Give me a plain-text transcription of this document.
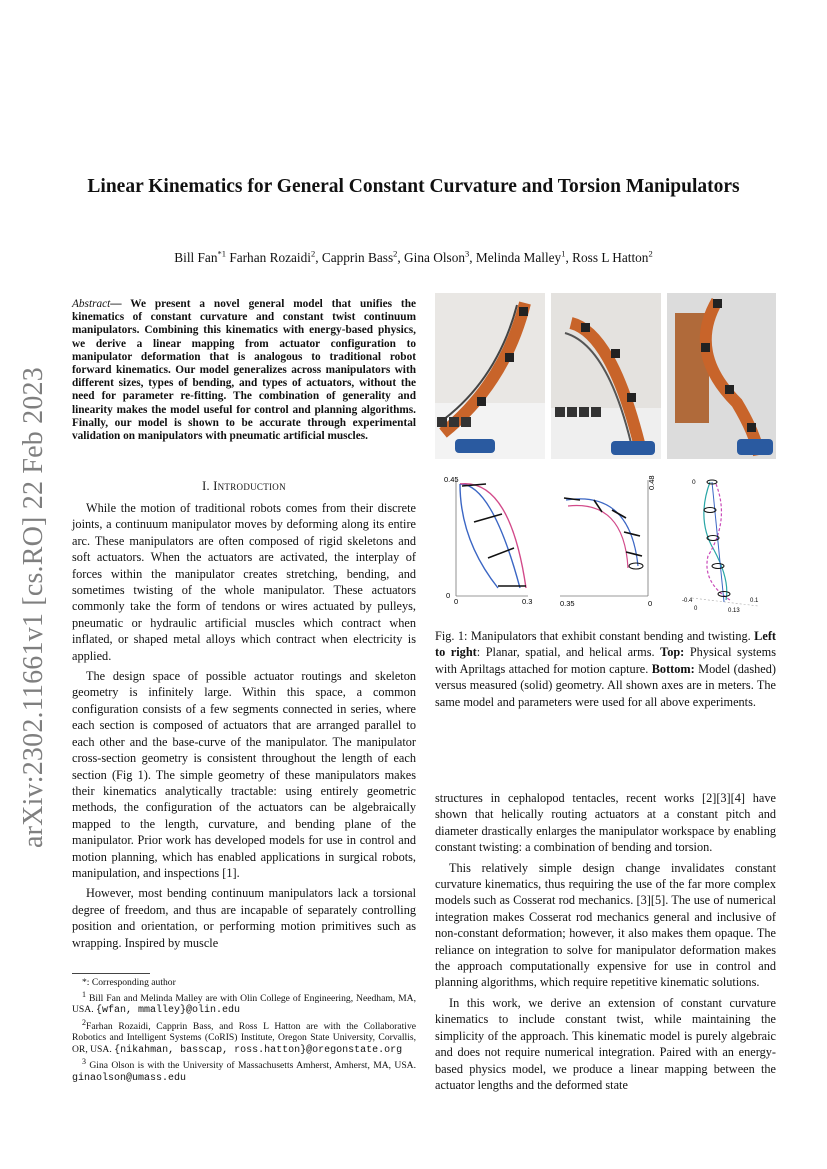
arXiv:2302.11661v1 [cs.RO] 22 Feb 2023
Linear Kinematics for General Constant Curvature and Torsion Manipulators
Bill Fan$^{*1}$ Farhan Rozaidi$^2$, Capprin Bass$^2$, Gina Olson$^3$, Melinda Malley$^1$, Ross L Hatton$^2$
Abstract— We present a novel general model that unifies the kinematics of constant curvature and constant twist continuum manipulators. Combining this kinematics with energy-based physics, we derive a linear mapping from actuator configuration to manipulator deformation that is analogous to traditional robot forward kinematics. Our model generalizes across manipulators with different sizes, types of bending, and types of actuators, without the need for parameter re-fitting. The combination of generality and linearity makes the model useful for control and planning algorithms. Finally, our model is shown to be accurate through experimental validation on manipulators with pneumatic artificial muscles.
I. Introduction

While the motion of traditional robots comes from their discrete joints, a continuum manipulator moves by deforming along its entire arc. These manipulators are often composed of rigid skeletons and soft actuators. When the actuators are activated, the interplay of forces within the manipulator creates stretching, bending, and sometimes twisting of the whole manipulator. These actuators commonly take the form of tendons or wires actuated by pulleys, pneumatic or hydraulic artificial muscles which contract when inflated, or shaped metal alloys which contract when electricity is applied.

The design space of possible actuator routings and skeleton geometry is infinitely large. Within this space, a common configuration consists of a few segments connected in series, where each section is composed of actuators that are arranged parallel to each other and the base-curve of the manipulator. The manipulator cross-section geometry is consistent throughout the length of each section (Fig 1). The simple geometry of these manipulators makes their kinematics analytically tractable: using entirely geometric methods, the configuration of the actuators can be algebraically mapped to the length, curvature, and bending plane of the manipulator. Prior work has developed models for use in control and motion planning, which has enabled applications in surgical robots, manipulation, and inspections [1].

However, most bending continuum manipulators lack a torsional degree of freedom, and thus are incapable of separately controlling position and orientation, or performing motion primitives such as wrapping. Inspired by muscle

*: Corresponding author
$^1$ Bill Fan and Melinda Malley are with Olin College of Engineering, Needham, MA, USA. {wfan, mmalley}@olin.edu
$^2$Farhan Rozaidi, Capprin Bass, and Ross L Hatton are with the Collaborative Robotics and Intelligent Systems (CoRIS) Institute, Oregon State University, Corvallis, OR, USA. {nikahman, basscap, ross.hatton}@oregonstate.org
$^3$ Gina Olson is with the University of Massachusetts Amherst, Amherst, MA, USA. ginaolson@umass.edu
0.45
0
0	0.3
0.48
0.35	0
0
-0.4
0	0.13
0.1
Fig. 1: Manipulators that exhibit constant bending and twisting. Left to right: Planar, spatial, and helical arms. Top: Physical systems with Apriltags attached for motion capture. Bottom: Model (dashed) versus measured (solid) geometry. All shown axes are in meters. The same model and parameters were used for all above experiments.

structures in cephalopod tentacles, recent works [2][3][4] have shown that helically routing actuators at a constant pitch and diameter drastically enlarges the manipulator workspace by enabling constant twisting: a combination of bending and torsion.

This relatively simple design change invalidates constant curvature kinematics, thus requiring the use of the far more complex models such as Cosserat rod mechanics. [3][5]. The use of numerical integration makes Cosserat rod mechanics general and inclusive of non-constant deformation; however, it also makes them opaque. The reliance on integration to solve for manipulator deformation makes the approach computationally expensive for use in control and planning algorithms, which require repetitive kinematic solutions.

In this work, we derive an extension of constant curvature kinematics to include constant twist, while maintaining the simplicity of the approach. This kinematic model is purely algebraic and does not require numerical integration. Paired with an energy-based physics model, we produce a linear mapping between the actuator lengths and the deformed state
